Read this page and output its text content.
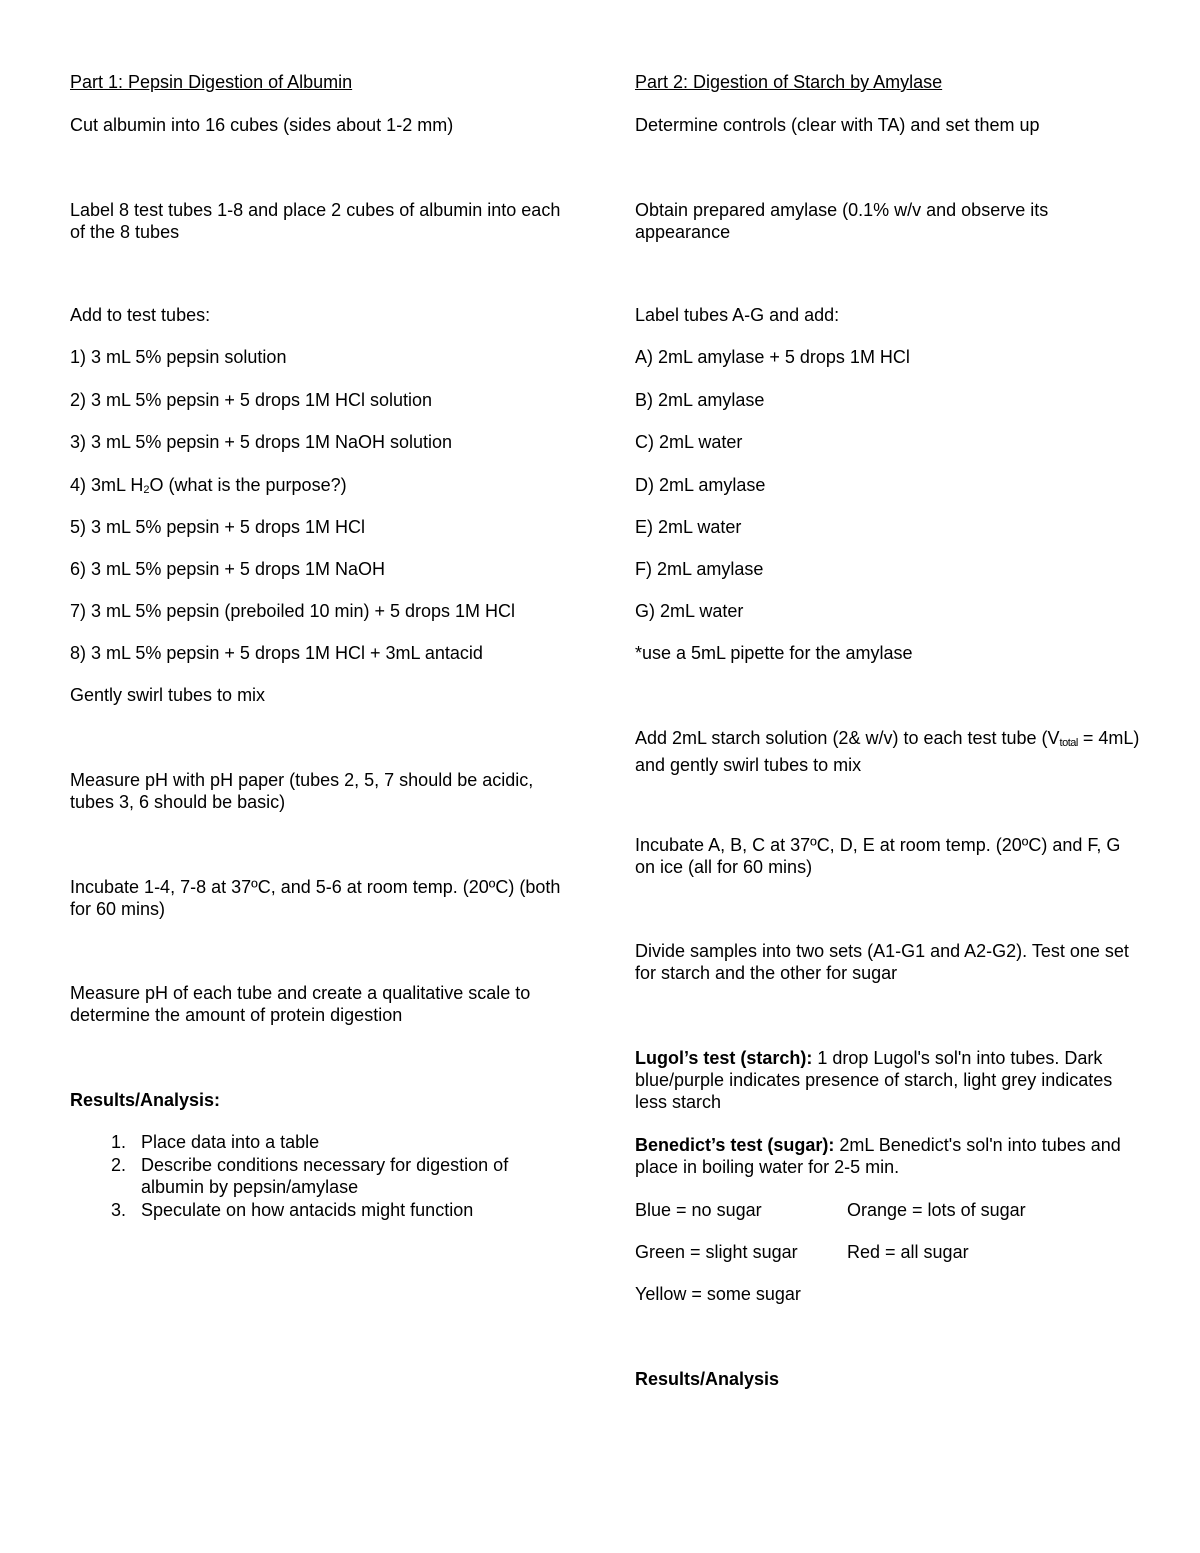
Part 1: Pepsin Digestion of Albumin
Cut albumin into 16 cubes (sides about 1-2 mm)
Label 8 test tubes 1-8 and place 2 cubes of albumin into each of the 8 tubes
Add to test tubes:
1) 3 mL 5% pepsin solution
2) 3 mL 5% pepsin + 5 drops 1M HCl solution
3) 3 mL 5% pepsin + 5 drops 1M NaOH solution
4) 3mL $H_2O$ (what is the purpose?)
5) 3 mL 5% pepsin + 5 drops 1M HCl
6) 3 mL 5% pepsin + 5 drops 1M NaOH
7) 3 mL 5% pepsin (preboiled 10 min) + 5 drops 1M HCl
8) 3 mL 5% pepsin + 5 drops 1M HCl + 3mL antacid
Gently swirl tubes to mix
Measure pH with pH paper (tubes 2, 5, 7 should be acidic, tubes 3, 6 should be basic)
Incubate 1-4, 7-8 at 37ºC, and 5-6 at room temp. (20ºC) (both for 60 mins)
Measure pH of each tube and create a qualitative scale to determine the amount of protein digestion
Results/Analysis:
1. Place data into a table
2. Describe conditions necessary for digestion of albumin by pepsin/amylase
3. Speculate on how antacids might function
Part 2: Digestion of Starch by Amylase
Determine controls (clear with TA) and set them up
Obtain prepared amylase (0.1% w/v and observe its appearance
Label tubes A-G and add:
A) 2mL amylase + 5 drops 1M HCl
B) 2mL amylase
C) 2mL water
D) 2mL amylase
E) 2mL water
F) 2mL amylase
G) 2mL water
*use a 5mL pipette for the amylase
Add 2mL starch solution (2& w/v) to each test tube (Vtotal = 4mL) and gently swirl tubes to mix
Incubate A, B, C at 37ºC, D, E at room temp. (20ºC) and F, G on ice (all for 60 mins)
Divide samples into two sets (A1-G1 and A2-G2). Test one set for starch and the other for sugar
Lugol’s test (starch): 1 drop Lugol's sol'n into tubes. Dark blue/purple indicates presence of starch, light grey indicates less starch
Benedict’s test (sugar): 2mL Benedict's sol'n into tubes and place in boiling water for 2-5 min.
Blue = no sugar	Orange = lots of sugar
Green = slight sugar	Red = all sugar
Yellow = some sugar
Results/Analysis
